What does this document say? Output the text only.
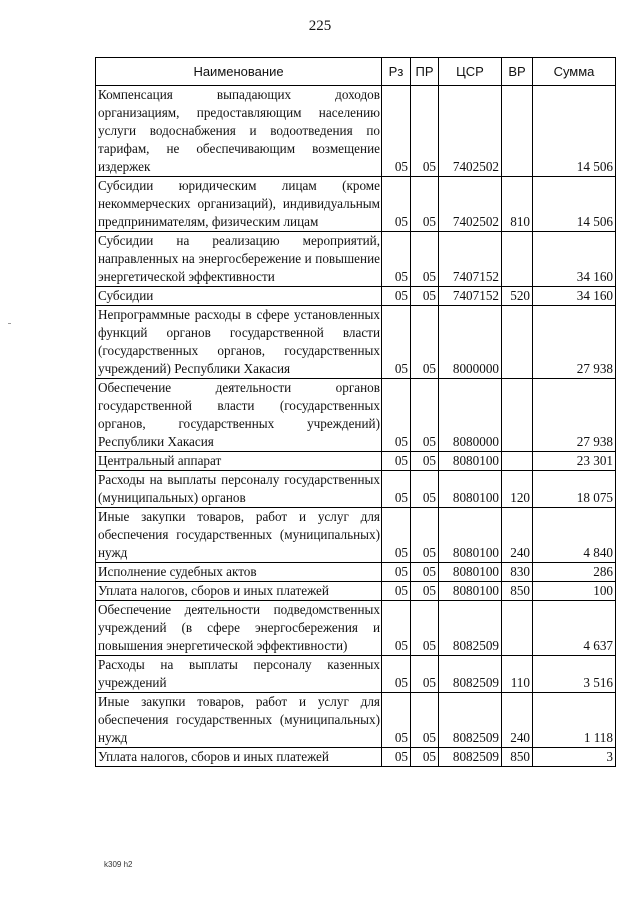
225
Наименование	Рз	ПР	ЦСР	ВР	Сумма
Компенсация выпадающих доходов организациям, предоставляющим населению услуги водоснабжения и водоотведения по тарифам, не обеспечивающим возмещение издержек	05	05	7402502		14 506
Субсидии юридическим лицам (кроме некоммерческих организаций), индивидуальным предпринимателям, физическим лицам	05	05	7402502	810	14 506
Субсидии на реализацию мероприятий, направленных на энергосбережение и повышение энергетической эффективности	05	05	7407152		34 160
Субсидии	05	05	7407152	520	34 160
Непрограммные расходы в сфере установленных функций органов государственной власти (государственных органов, государственных учреждений) Республики Хакасия	05	05	8000000		27 938
Обеспечение деятельности органов государственной власти (государственных органов, государственных учреждений) Республики Хакасия	05	05	8080000		27 938
Центральный аппарат	05	05	8080100		23 301
Расходы на выплаты персоналу государственных (муниципальных) органов	05	05	8080100	120	18 075
Иные закупки товаров, работ и услуг для обеспечения государственных (муниципальных) нужд	05	05	8080100	240	4 840
Исполнение судебных актов	05	05	8080100	830	286
Уплата налогов, сборов и иных платежей	05	05	8080100	850	100
Обеспечение деятельности подведомственных учреждений (в сфере энергосбережения и повышения энергетической эффективности)	05	05	8082509		4 637
Расходы на выплаты персоналу казенных учреждений	05	05	8082509	110	3 516
Иные закупки товаров, работ и услуг для обеспечения государственных (муниципальных) нужд	05	05	8082509	240	1 118
Уплата налогов, сборов и иных платежей	05	05	8082509	850	3
k309 h2
